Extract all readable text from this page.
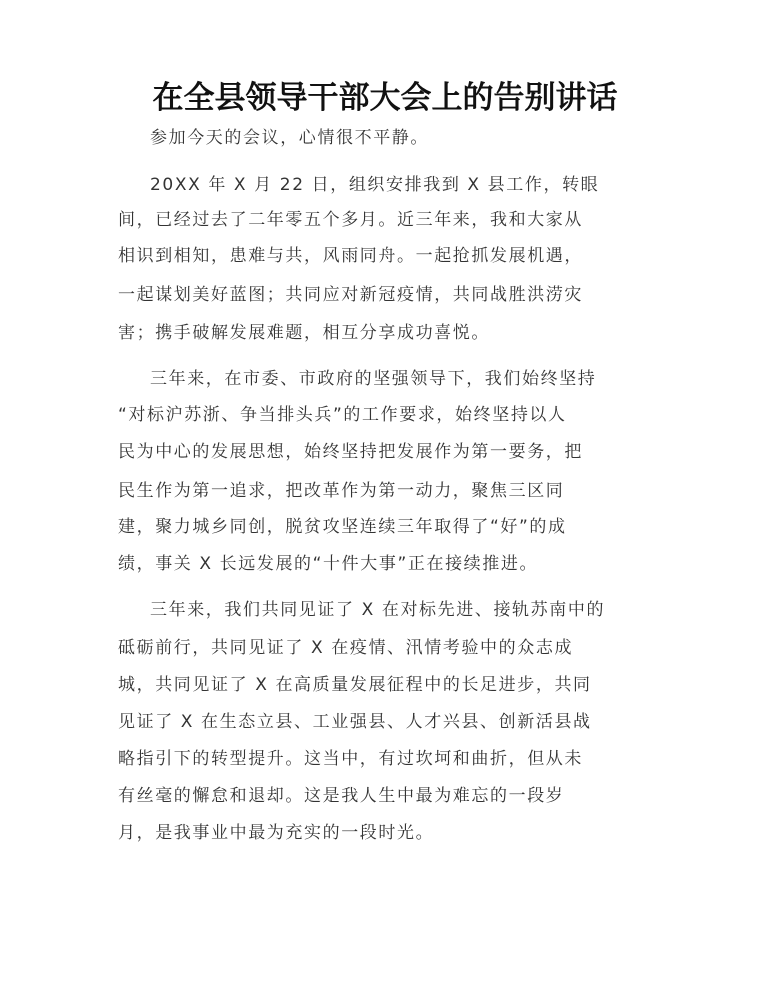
在全县领导干部大会上的告别讲话

参加今天的会议，心情很不平静。

20XX 年 X 月 22 日，组织安排我到 X 县工作，转眼

间，已经过去了二年零五个多月。近三年来，我和大家从

相识到相知，患难与共，风雨同舟。一起抢抓发展机遇，

一起谋划美好蓝图；共同应对新冠疫情，共同战胜洪涝灾

害；携手破解发展难题，相互分享成功喜悦。

三年来，在市委、市政府的坚强领导下，我们始终坚持

“对标沪苏浙、争当排头兵”的工作要求，始终坚持以人

民为中心的发展思想，始终坚持把发展作为第一要务，把

民生作为第一追求，把改革作为第一动力，聚焦三区同

建，聚力城乡同创，脱贫攻坚连续三年取得了“好”的成

绩，事关 X 长远发展的“十件大事”正在接续推进。

三年来，我们共同见证了 X 在对标先进、接轨苏南中的

砥砺前行，共同见证了 X 在疫情、汛情考验中的众志成

城，共同见证了 X 在高质量发展征程中的长足进步，共同

见证了 X 在生态立县、工业强县、人才兴县、创新活县战

略指引下的转型提升。这当中，有过坎坷和曲折，但从未

有丝毫的懈怠和退却。这是我人生中最为难忘的一段岁

月，是我事业中最为充实的一段时光。
